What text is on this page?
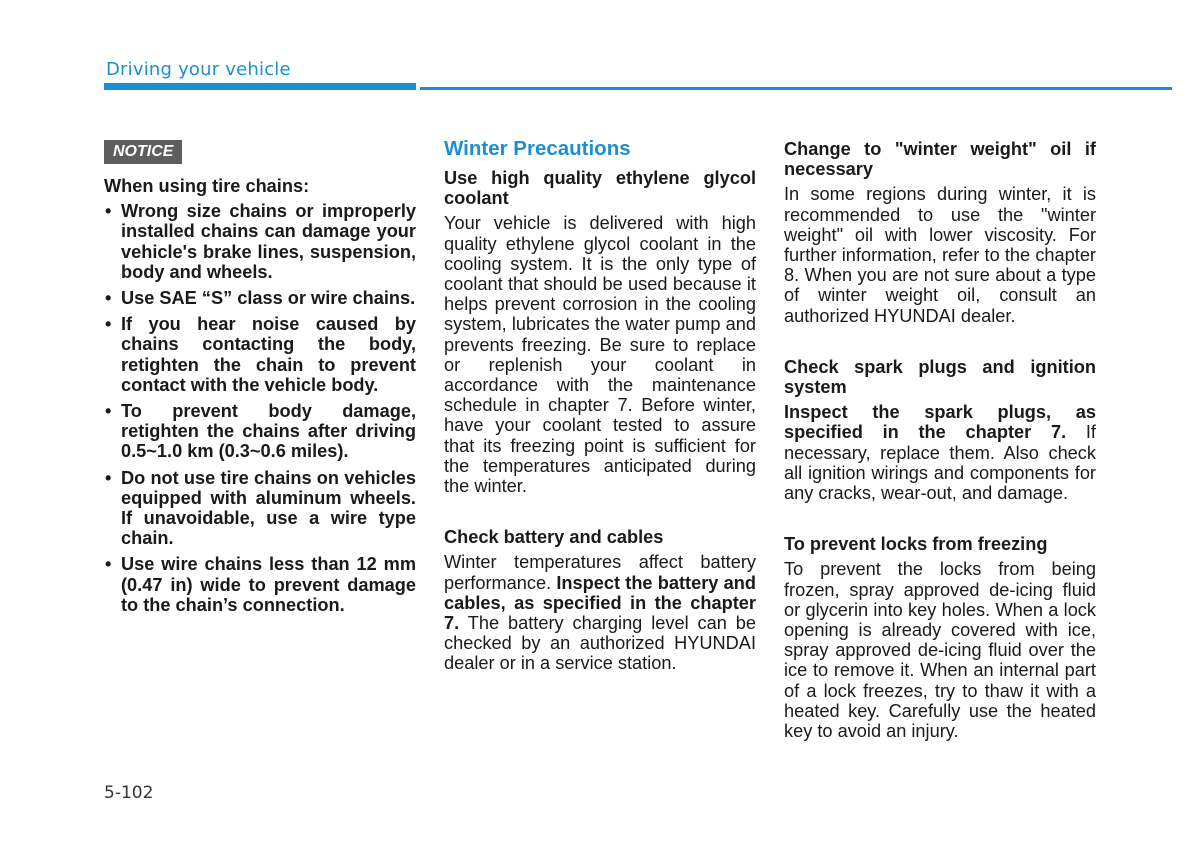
Driving your vehicle
NOTICE
When using tire chains:
• Wrong size chains or improperly installed chains can damage your vehicle's brake lines, suspension, body and wheels.
• Use SAE “S” class or wire chains.
• If you hear noise caused by chains contacting the body, retighten the chain to prevent contact with the vehicle body.
• To prevent body damage, retighten the chains after driving 0.5~1.0 km (0.3~0.6 miles).
• Do not use tire chains on vehicles equipped with aluminum wheels. If unavoidable, use a wire type chain.
• Use wire chains less than 12 mm (0.47 in) wide to prevent damage to the chain’s connection.
Winter Precautions
Use high quality ethylene glycol coolant

Your vehicle is delivered with high quality ethylene glycol coolant in the cooling system. It is the only type of coolant that should be used because it helps prevent corrosion in the cooling system, lubricates the water pump and prevents freezing. Be sure to replace or replenish your coolant in accordance with the maintenance schedule in chapter 7. Before winter, have your coolant tested to assure that its freezing point is sufficient for the temperatures anticipated during the winter.

Check battery and cables

Winter temperatures affect battery performance. Inspect the battery and cables, as specified in the chapter 7. The battery charging level can be checked by an authorized HYUNDAI dealer or in a service station.

Change to "winter weight" oil if necessary

In some regions during winter, it is recommended to use the "winter weight" oil with lower viscosity. For further information, refer to the chapter 8. When you are not sure about a type of winter weight oil, consult an authorized HYUNDAI dealer.

Check spark plugs and ignition system

Inspect the spark plugs, as specified in the chapter 7. If necessary, replace them. Also check all ignition wirings and components for any cracks, wear-out, and damage.

To prevent locks from freezing

To prevent the locks from being frozen, spray approved de-icing fluid or glycerin into key holes. When a lock opening is already covered with ice, spray approved de-icing fluid over the ice to remove it. When an internal part of a lock freezes, try to thaw it with a heated key. Carefully use the heated key to avoid an injury.

5-102
